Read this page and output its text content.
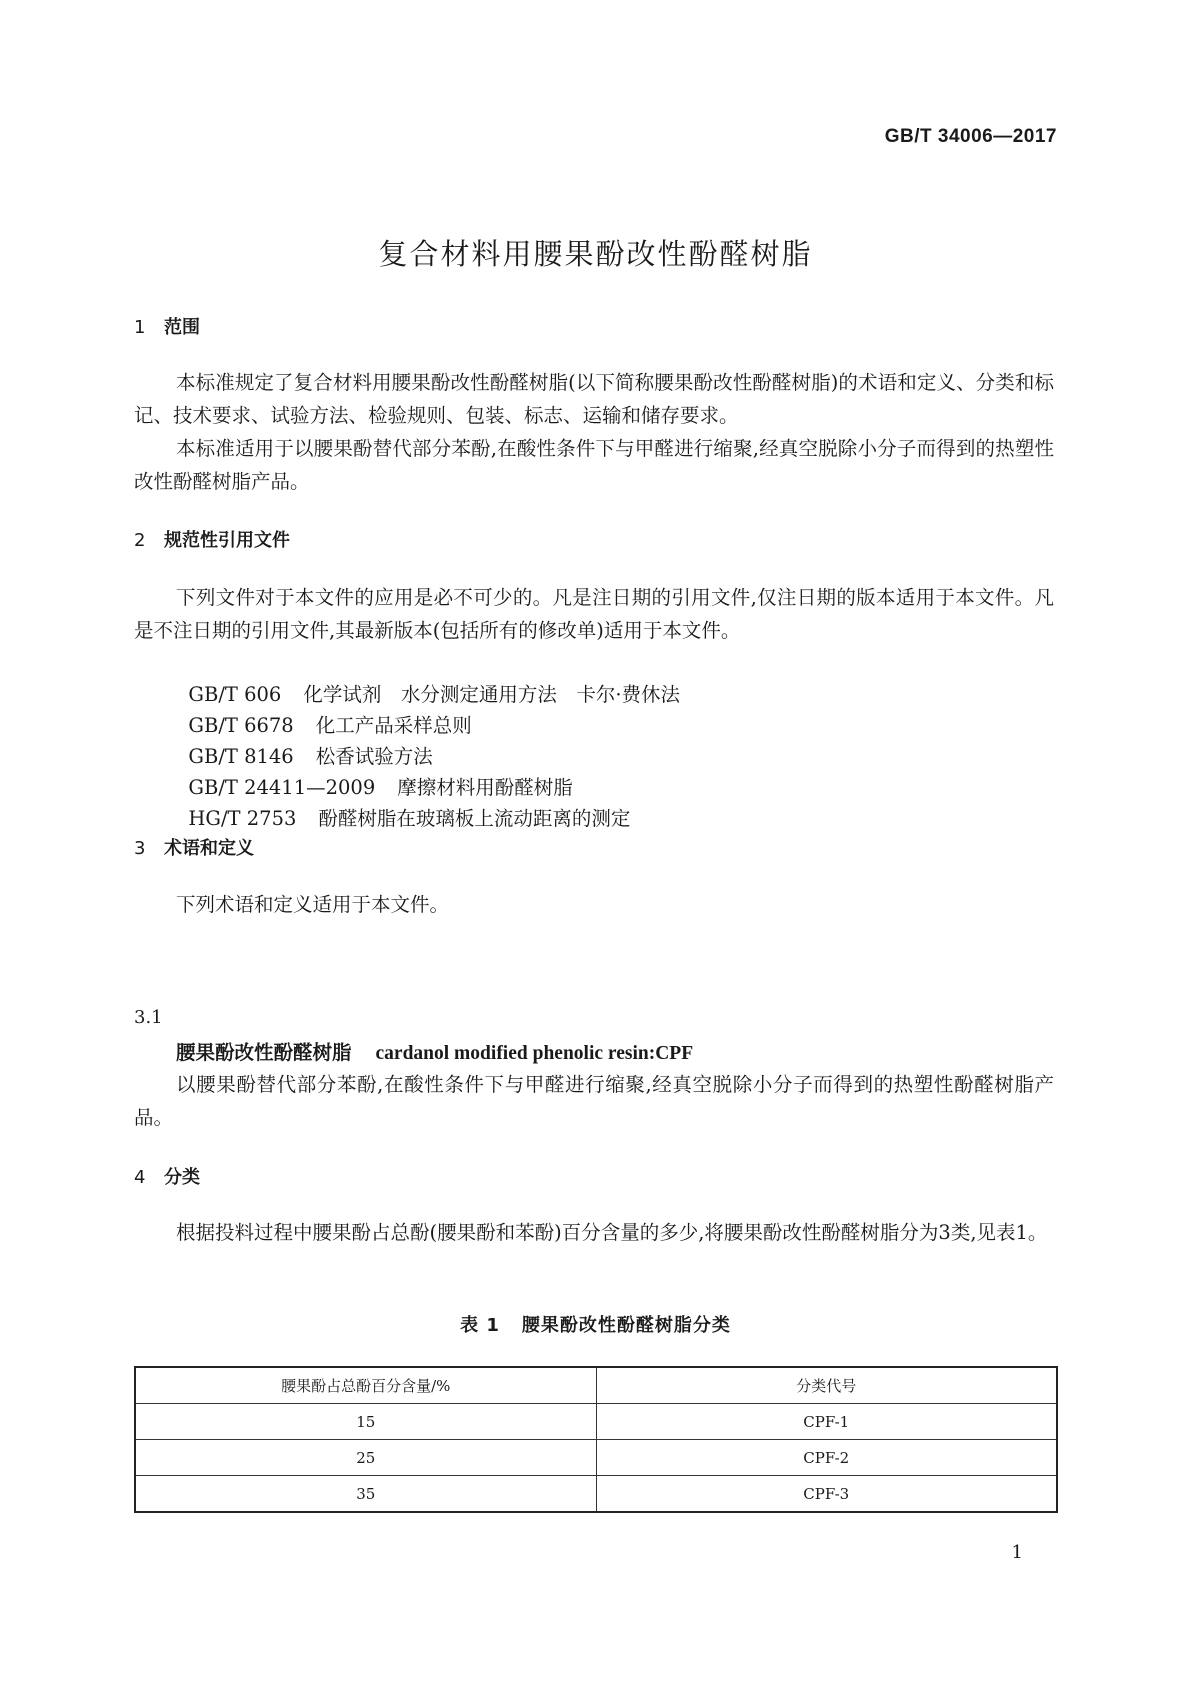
GB/T 34006—2017
复合材料用腰果酚改性酚醛树脂
1 范围

本标准规定了复合材料用腰果酚改性酚醛树脂(以下简称腰果酚改性酚醛树脂)的术语和定义、分类和标记、技术要求、试验方法、检验规则、包装、标志、运输和储存要求。

本标准适用于以腰果酚替代部分苯酚,在酸性条件下与甲醛进行缩聚,经真空脱除小分子而得到的热塑性改性酚醛树脂产品。

2 规范性引用文件

下列文件对于本文件的应用是必不可少的。凡是注日期的引用文件,仅注日期的版本适用于本文件。凡是不注日期的引用文件,其最新版本(包括所有的修改单)适用于本文件。

GB/T 606 化学试剂　水分测定通用方法　卡尔·费休法

GB/T 6678 化工产品采样总则

GB/T 8146 松香试验方法

GB/T 24411—2009 摩擦材料用酚醛树脂

HG/T 2753 酚醛树脂在玻璃板上流动距离的测定

3 术语和定义

下列术语和定义适用于本文件。

3.1
腰果酚改性酚醛树脂 cardanol modified phenolic resin:CPF

以腰果酚替代部分苯酚,在酸性条件下与甲醛进行缩聚,经真空脱除小分子而得到的热塑性酚醛树脂产品。

4 分类

根据投料过程中腰果酚占总酚(腰果酚和苯酚)百分含量的多少,将腰果酚改性酚醛树脂分为3类,见表1。

表 1 腰果酚改性酚醛树脂分类
腰果酚占总酚百分含量/%	分类代号
15	CPF-1
25	CPF-2
35	CPF-3
1
